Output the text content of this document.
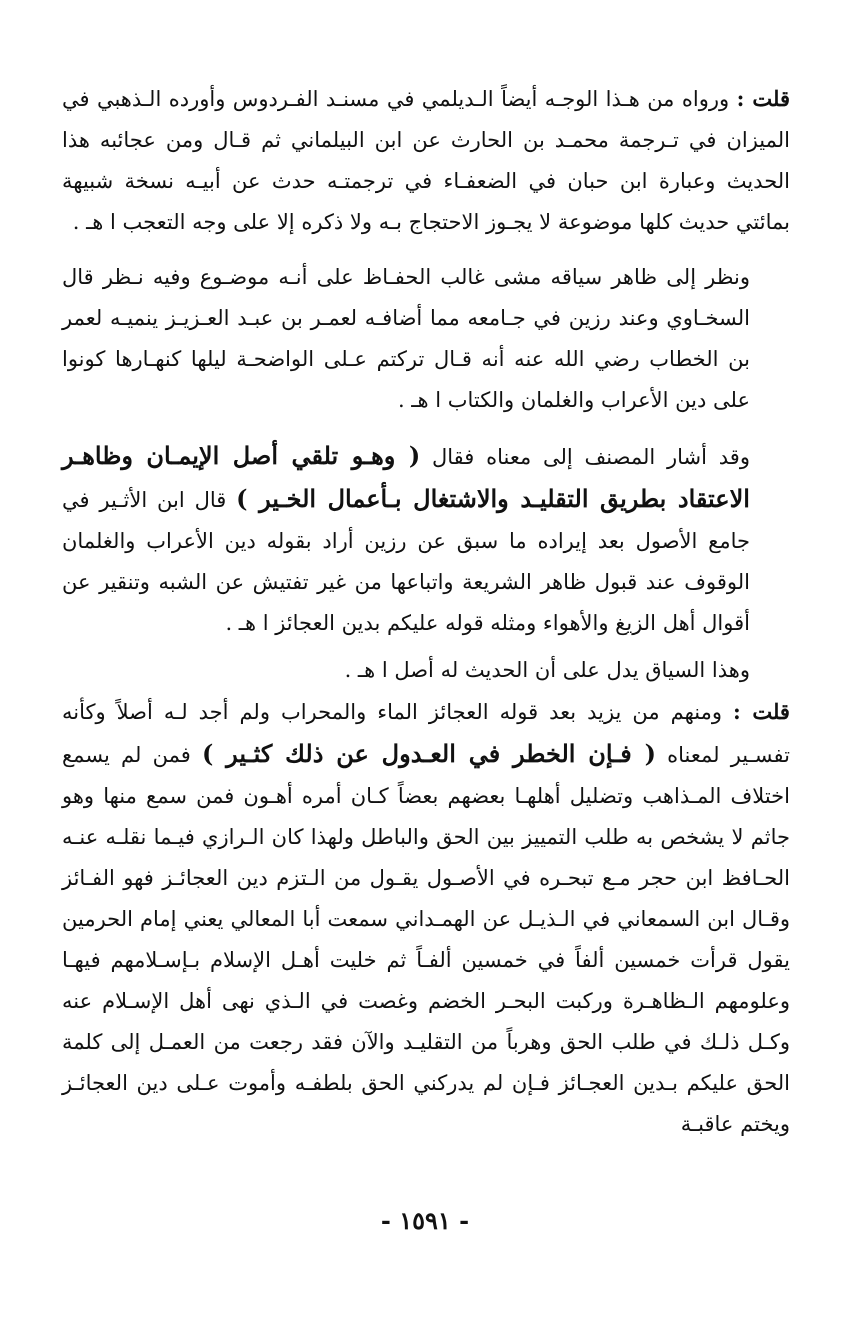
قلت : ورواه من هـذا الوجـه أيضاً الـديلمي في مسنـد الفـردوس وأورده الـذهبي في الميزان في تـرجمة محمـد بن الحارث عن ابن البيلماني ثم قـال ومن عجائبه هذا الحديث وعبارة ابن حبان في الضعفـاء في ترجمتـه حدث عن أبيـه نسخة شبيهة بمائتي حديث كلها موضوعة لا يجـوز الاحتجاج بـه ولا ذكره إلا على وجه التعجب ا هـ .

ونظر إلى ظاهر سياقه مشى غالب الحفـاظ على أنـه موضـوع وفيه نـظر قال السخـاوي وعند رزين في جـامعه مما أضافـه لعمـر بن عبـد العـزيـز ينميـه لعمر بن الخطاب رضي الله عنه أنه قـال تركتم عـلى الواضحـة ليلها كنهـارها كونوا على دين الأعراب والغلمان والكتاب ا هـ .

وقد أشار المصنف إلى معناه فقال ( وهـو تلقي أصل الإيمـان وظاهـر الاعتقاد بطريق التقليـد والاشتغال بـأعمال الخـير ) قال ابن الأثـير في جامع الأصول بعد إيراده ما سبق عن رزين أراد بقوله دين الأعراب والغلمان الوقوف عند قبول ظاهر الشريعة واتباعها من غير تفتيش عن الشبه وتنقير عن أقوال أهل الزيغ والأهواء ومثله قوله عليكم بدين العجائز ا هـ .

وهذا السياق يدل على أن الحديث له أصل ا هـ .

قلت : ومنهم من يزيد بعد قوله العجائز الماء والمحراب ولم أجد لـه أصلاً وكأنه تفسـير لمعناه ( فـإن الخطر في العـدول عن ذلك كثـير ) فمن لم يسمع اختلاف المـذاهب وتضليل أهلهـا بعضهم بعضاً كـان أمره أهـون فمن سمع منها وهو جاثم لا يشخص به طلب التمييز بين الحق والباطل ولهذا كان الـرازي فيـما نقلـه عنـه الحـافظ ابن حجر مـع تبحـره في الأصـول يقـول من الـتزم دين العجائـز فهو الفـائز وقـال ابن السمعاني في الـذيـل عن الهمـداني سمعت أبا المعالي يعني إمام الحرمين يقول قرأت خمسين ألفاً في خمسين ألفـاً ثم خليت أهـل الإسلام بـإسـلامهم فيهـا وعلومهم الـظاهـرة وركبت البحـر الخضم وغصت في الـذي نهى أهل الإسـلام عنه وكـل ذلـك في طلب الحق وهرباً من التقليـد والآن فقد رجعت من العمـل إلى كلمة الحق عليكم بـدين العجـائز فـإن لم يدركني الحق بلطفـه وأموت عـلى دين العجائـز ويختم عاقبـة

- ١٥٩١ -
